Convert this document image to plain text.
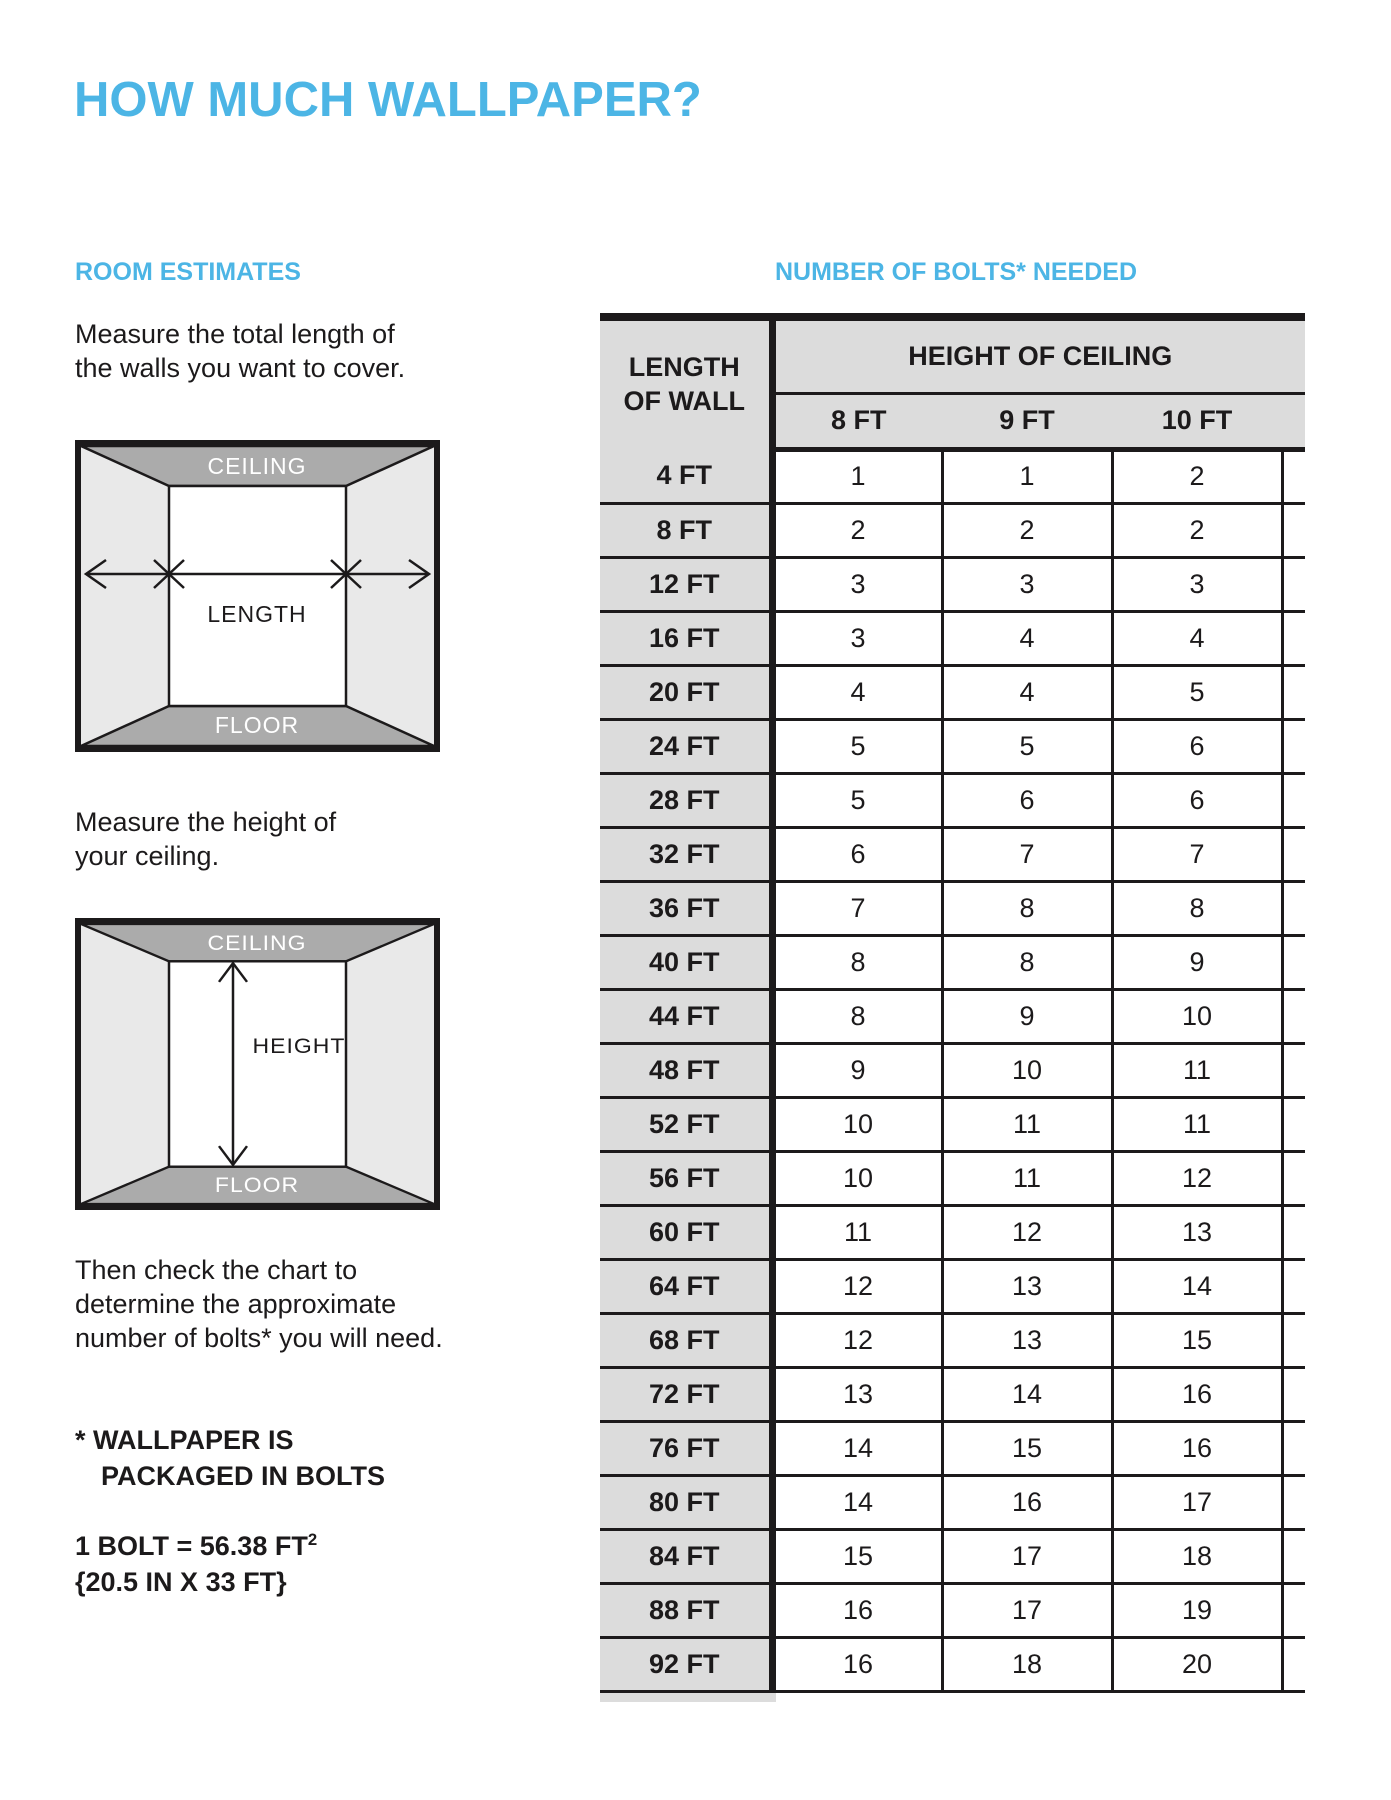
HOW MUCH WALLPAPER?
ROOM ESTIMATES	NUMBER OF BOLTS* NEEDED
Measure the total length of
the walls you want to cover.
CEILING
FLOOR
LENGTH
Measure the height of
your ceiling.
CEILING
FLOOR
HEIGHT
Then check the chart to
determine the approximate
number of bolts* you will need.
* WALLPAPER IS
PACKAGED IN BOLTS
1 BOLT = 56.38 $FT^2$
{20.5 IN X 33 FT}
LENGTH
OF WALL	HEIGHT OF CEILING			
	8 FT	9 FT	10 FT	
4 FT	1	1	2	
8 FT	2	2	2	
12 FT	3	3	3	
16 FT	3	4	4	
20 FT	4	4	5	
24 FT	5	5	6	
28 FT	5	6	6	
32 FT	6	7	7	
36 FT	7	8	8	
40 FT	8	8	9	
44 FT	8	9	10	
48 FT	9	10	11	
52 FT	10	11	11	
56 FT	10	11	12	
60 FT	11	12	13	
64 FT	12	13	14	
68 FT	12	13	15	
72 FT	13	14	16	
76 FT	14	15	16	
80 FT	14	16	17	
84 FT	15	17	18	
88 FT	16	17	19	
92 FT	16	18	20	
